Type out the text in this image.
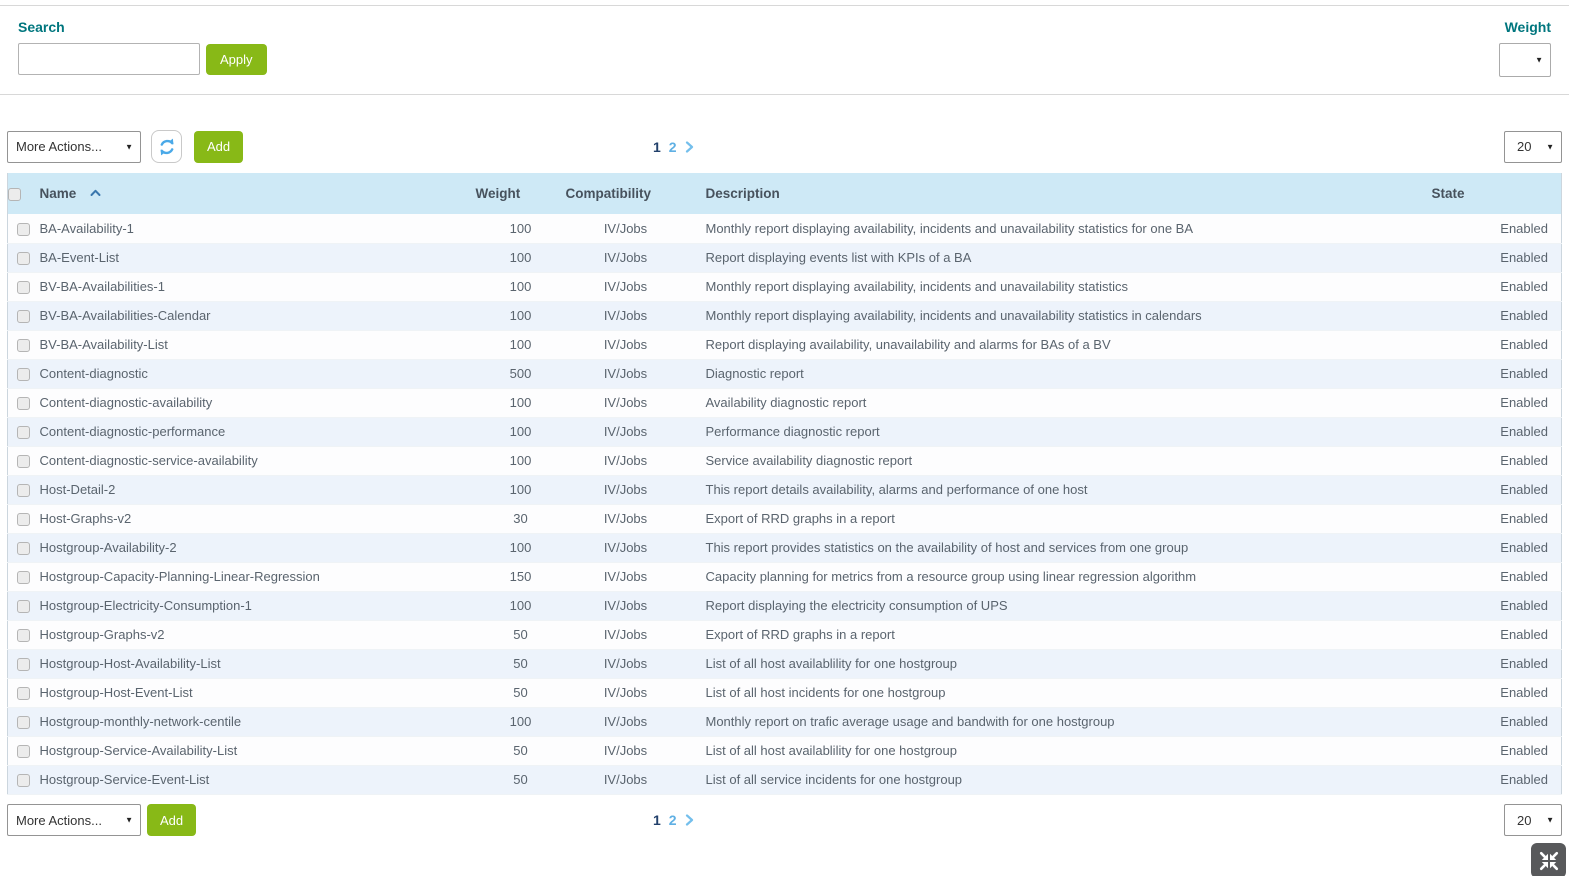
Search
Apply
Weight
▼
More Actions... ▼
Add	1 2
20 ▼
	Name	Weight	Compatibility	Description	State
	BA-Availability-1	100	IV/Jobs	Monthly report displaying availability, incidents and unavailability statistics for one BA	Enabled
	BA-Event-List	100	IV/Jobs	Report displaying events list with KPIs of a BA	Enabled
	BV-BA-Availabilities-1	100	IV/Jobs	Monthly report displaying availability, incidents and unavailability statistics	Enabled
	BV-BA-Availabilities-Calendar	100	IV/Jobs	Monthly report displaying availability, incidents and unavailability statistics in calendars	Enabled
	BV-BA-Availability-List	100	IV/Jobs	Report displaying availability, unavailability and alarms for BAs of a BV	Enabled
	Content-diagnostic	500	IV/Jobs	Diagnostic report	Enabled
	Content-diagnostic-availability	100	IV/Jobs	Availability diagnostic report	Enabled
	Content-diagnostic-performance	100	IV/Jobs	Performance diagnostic report	Enabled
	Content-diagnostic-service-availability	100	IV/Jobs	Service availability diagnostic report	Enabled
	Host-Detail-2	100	IV/Jobs	This report details availability, alarms and performance of one host	Enabled
	Host-Graphs-v2	30	IV/Jobs	Export of RRD graphs in a report	Enabled
	Hostgroup-Availability-2	100	IV/Jobs	This report provides statistics on the availability of host and services from one group	Enabled
	Hostgroup-Capacity-Planning-Linear-Regression	150	IV/Jobs	Capacity planning for metrics from a resource group using linear regression algorithm	Enabled
	Hostgroup-Electricity-Consumption-1	100	IV/Jobs	Report displaying the electricity consumption of UPS	Enabled
	Hostgroup-Graphs-v2	50	IV/Jobs	Export of RRD graphs in a report	Enabled
	Hostgroup-Host-Availability-List	50	IV/Jobs	List of all host availablility for one hostgroup	Enabled
	Hostgroup-Host-Event-List	50	IV/Jobs	List of all host incidents for one hostgroup	Enabled
	Hostgroup-monthly-network-centile	100	IV/Jobs	Monthly report on trafic average usage and bandwith for one hostgroup	Enabled
	Hostgroup-Service-Availability-List	50	IV/Jobs	List of all host availablility for one hostgroup	Enabled
	Hostgroup-Service-Event-List	50	IV/Jobs	List of all service incidents for one hostgroup	Enabled
More Actions... ▼
Add	1 2
20 ▼
